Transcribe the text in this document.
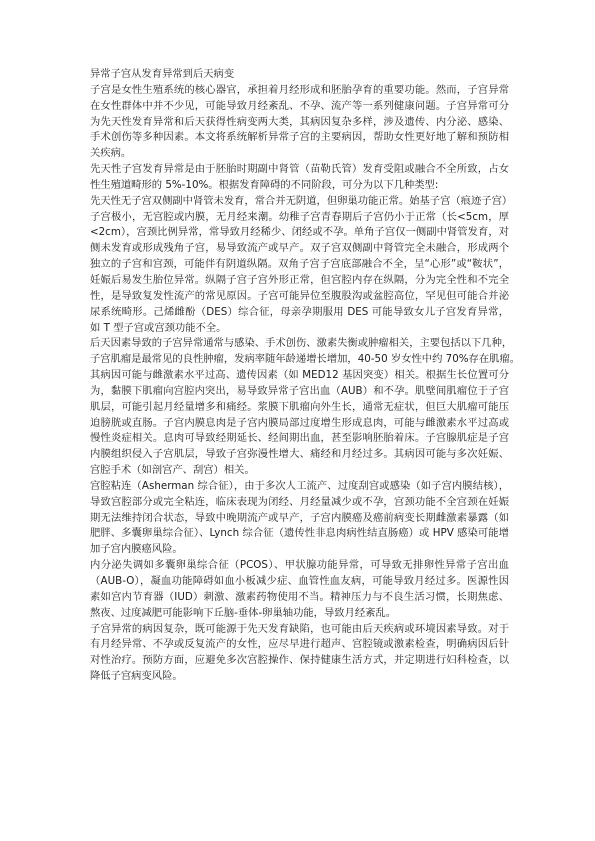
异常子宫从发育异常到后天病变
子宫是女性生殖系统的核心器官，承担着月经形成和胚胎孕育的重要功能。然而，子宫异常
在女性群体中并不少见，可能导致月经紊乱、不孕、流产等一系列健康问题。子宫异常可分
为先天性发育异常和后天获得性病变两大类，其病因复杂多样，涉及遗传、内分泌、感染、
手术创伤等多种因素。本文将系统解析异常子宫的主要病因，帮助女性更好地了解和预防相
关疾病。
先天性子宫发育异常是由于胚胎时期副中肾管（苗勒氏管）发育受阻或融合不全所致，占女
性生殖道畸形的 5%-10%。根据发育障碍的不同阶段，可分为以下几种类型:
先天性无子宫双侧副中肾管未发育，常合并无阴道，但卵巢功能正常。始基子宫（痕迹子宫）
子宫极小，无宫腔或内膜，无月经来潮。幼稚子宫青春期后子宫仍小于正常（长<5cm，厚
<2cm），宫颈比例异常，常导致月经稀少、闭经或不孕。单角子宫仅一侧副中肾管发育，对
侧未发育或形成残角子宫，易导致流产或早产。双子宫双侧副中肾管完全未融合，形成两个
独立的子宫和宫颈，可能伴有阴道纵隔。双角子宫子宫底部融合不全，呈“心形”或“鞍状”，
妊娠后易发生胎位异常。纵隔子宫子宫外形正常，但宫腔内存在纵隔，分为完全性和不完全
性，是导致复发性流产的常见原因。子宫可能异位至腹股沟或盆腔高位，罕见但可能合并泌
尿系统畸形。己烯雌酚（DES）综合征，母亲孕期服用 DES 可能导致女儿子宫发育异常，
如 T 型子宫或宫颈功能不全。
后天因素导致的子宫异常通常与感染、手术创伤、激素失衡或肿瘤相关，主要包括以下几种，
子宫肌瘤是最常见的良性肿瘤，发病率随年龄递增长增加，40-50 岁女性中约 70%存在肌瘤。
其病因可能与雌激素水平过高、遗传因素（如 MED12 基因突变）相关。根据生长位置可分
为，黏膜下肌瘤向宫腔内突出，易导致异常子宫出血（AUB）和不孕。肌壁间肌瘤位于子宫
肌层，可能引起月经量增多和痛经。浆膜下肌瘤向外生长，通常无症状，但巨大肌瘤可能压
迫膀胱或直肠。子宫内膜息肉是子宫内膜局部过度增生形成息肉，可能与雌激素水平过高或
慢性炎症相关。息肉可导致经期延长、经间期出血，甚至影响胚胎着床。子宫腺肌症是子宫
内膜组织侵入子宫肌层，导致子宫弥漫性增大、痛经和月经过多。其病因可能与多次妊娠、
宫腔手术（如剖宫产、刮宫）相关。
宫腔粘连（Asherman 综合征），由于多次人工流产、过度刮宫或感染（如子宫内膜结核），
导致宫腔部分或完全粘连，临床表现为闭经、月经量减少或不孕，宫颈功能不全宫颈在妊娠
期无法维持闭合状态，导致中晚期流产或早产，子宫内膜癌及癌前病变长期雌激素暴露（如
肥胖、多囊卵巢综合征）、Lynch 综合征（遗传性非息肉病性结直肠癌）或 HPV 感染可能增
加子宫内膜癌风险。
内分泌失调如多囊卵巢综合征（PCOS）、甲状腺功能异常，可导致无排卵性异常子宫出血
（AUB-O），凝血功能障碍如血小板减少症、血管性血友病，可能导致月经过多。医源性因
素如宫内节育器（IUD）刺激、激素药物使用不当。精神压力与不良生活习惯，长期焦虑、
熬夜、过度减肥可能影响下丘脑-垂体-卵巢轴功能，导致月经紊乱。
子宫异常的病因复杂，既可能源于先天发育缺陷，也可能由后天疾病或环境因素导致。对于
有月经异常、不孕或反复流产的女性，应尽早进行超声、宫腔镜或激素检查，明确病因后针
对性治疗。预防方面，应避免多次宫腔操作、保持健康生活方式，并定期进行妇科检查，以
降低子宫病变风险。
